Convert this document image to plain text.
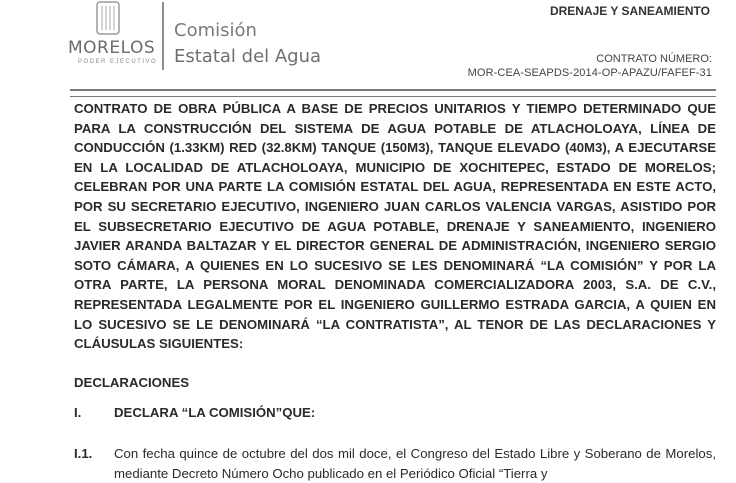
MORELOS
PODER EJECUTIVO
Comisión
Estatal del Agua
DRENAJE Y SANEAMIENTO
CONTRATO NÚMERO:
MOR-CEA-SEAPDS-2014-OP-APAZU/FAFEF-31
CONTRATO DE OBRA PÚBLICA A BASE DE PRECIOS UNITARIOS Y TIEMPO DETERMINADO QUE PARA LA CONSTRUCCIÓN DEL SISTEMA DE AGUA POTABLE DE ATLACHOLOAYA, LÍNEA DE CONDUCCIÓN (1.33KM) RED (32.8KM) TANQUE (150M3), TANQUE ELEVADO (40M3), A EJECUTARSE EN LA LOCALIDAD DE ATLACHOLOAYA, MUNICIPIO DE XOCHITEPEC, ESTADO DE MORELOS; CELEBRAN POR UNA PARTE LA COMISIÓN ESTATAL DEL AGUA, REPRESENTADA EN ESTE ACTO, POR SU SECRETARIO EJECUTIVO, INGENIERO JUAN CARLOS VALENCIA VARGAS, ASISTIDO POR EL SUBSECRETARIO EJECUTIVO DE AGUA POTABLE, DRENAJE Y SANEAMIENTO, INGENIERO JAVIER ARANDA BALTAZAR Y EL DIRECTOR GENERAL DE ADMINISTRACIÓN, INGENIERO SERGIO SOTO CÁMARA, A QUIENES EN LO SUCESIVO SE LES DENOMINARÁ “LA COMISIÓN” Y POR LA OTRA PARTE, LA PERSONA MORAL DENOMINADA COMERCIALIZADORA 2003, S.A. DE C.V., REPRESENTADA LEGALMENTE POR EL INGENIERO GUILLERMO ESTRADA GARCIA, A QUIEN EN LO SUCESIVO SE LE DENOMINARÁ “LA CONTRATISTA”, AL TENOR DE LAS DECLARACIONES Y CLÁUSULAS SIGUIENTES:
DECLARACIONES
I. DECLARA “LA COMISIÓN”QUE:
I.1. Con fecha quince de octubre del dos mil doce, el Congreso del Estado Libre y Soberano de Morelos, mediante Decreto Número Ocho publicado en el Periódico Oficial “Tierra y
